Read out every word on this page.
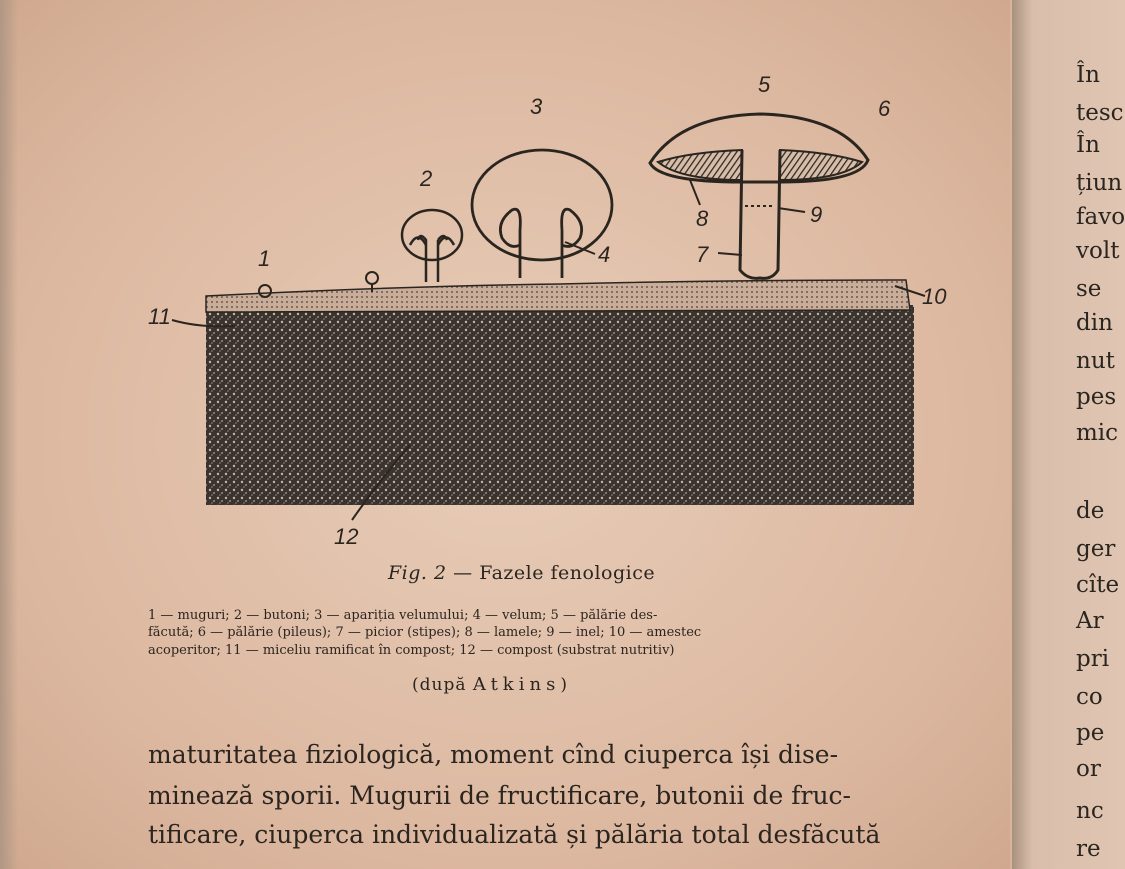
1
2
3
4
5
6
7
8	9
10
11
12
Fig. 2 — Fazele fenologice
1 — muguri; 2 — butoni; 3 — apariția velumului; 4 — velum; 5 — pălărie des-
făcută; 6 — pălărie (pileus); 7 — picior (stipes); 8 — lamele; 9 — inel; 10 — amestec
acoperitor; 11 — miceliu ramificat în compost; 12 — compost (substrat nutritiv)
(după Atkins)
maturitatea fiziologică, moment cînd ciuperca își dise-
minează sporii. Mugurii de fructificare, butonii de fruc-
tificare, ciuperca individualizată și pălăria total desfăcută
În
tesc
În
țiun
favo
volt
se
din
nut
pes
mic
de
ger
cîte
Ar
pri
co
pe
or
nc
re
